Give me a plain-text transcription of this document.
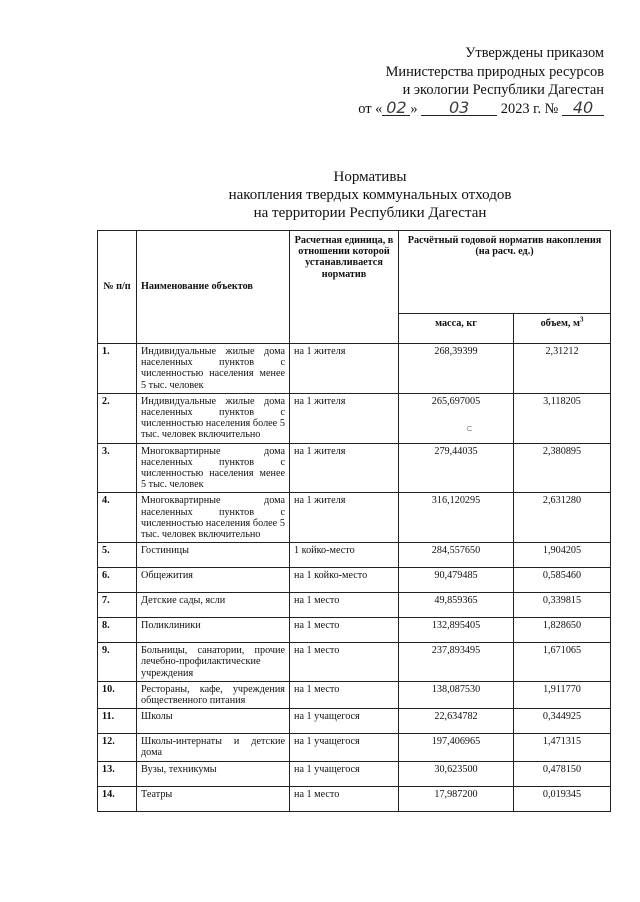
Утверждены приказом
Министерства природных ресурсов
и экологии Республики Дагестан
от « 02 » 03 2023 г. № 40
Нормативы
накопления твердых коммунальных отходов
на территории Республики Дагестан
№ п/п	Наименование объектов	Расчетная единица, в отношении которой устанавливается норматив	Расчётный годовой норматив накопления (на расч. ед.)	
			масса, кг	объем, $м^3$
1.	Индивидуальные жилые дома населенных пунктов с численностью населения менее 5 тыс. человек	на 1 жителя	268,39399	2,31212
2.	Индивидуальные жилые дома населенных пунктов с численностью населения более 5 тыс. человек включительно	на 1 жителя	265,697005	3,118205
3.	Многоквартирные дома населенных пунктов с численностью населения менее 5 тыс. человек	на 1 жителя	279,44035	2,380895
4.	Многоквартирные дома населенных пунктов с численностью населения более 5 тыс. человек включительно	на 1 жителя	316,120295	2,631280
5.	Гостиницы	1 койко-место	284,557650	1,904205
6.	Общежития	на 1 койко-место	90,479485	0,585460
7.	Детские сады, ясли	на 1 место	49,859365	0,339815
8.	Поликлиники	на 1 место	132,895405	1,828650
9.	Больницы, санатории, прочие лечебно-профилактические учреждения	на 1 место	237,893495	1,671065
10.	Рестораны, кафе, учреждения общественного питания	на 1 место	138,087530	1,911770
11.	Школы	на 1 учащегося	22,634782	0,344925
12.	Школы-интернаты и детские дома	на 1 учащегося	197,406965	1,471315
13.	Вузы, техникумы	на 1 учащегося	30,623500	0,478150
14.	Театры	на 1 место	17,987200	0,019345
⊂
